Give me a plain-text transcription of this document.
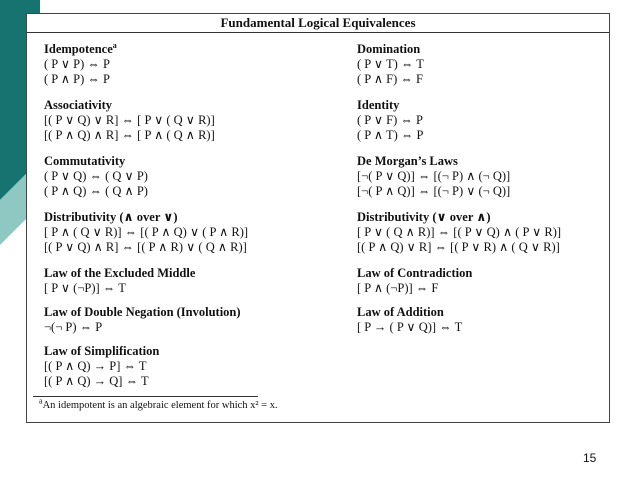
Fundamental Logical Equivalences
Idempotence$^a$
( P ∨ P) ⇔ P
( P ∧ P) ⇔ P
Associativity
[( P ∨ Q) ∨ R] ⇔ [ P ∨ ( Q ∨ R)]
[( P ∧ Q) ∧ R] ⇔ [ P ∧ ( Q ∧ R)]
Commutativity
( P ∨ Q) ⇔ ( Q ∨ P)
( P ∧ Q) ⇔ ( Q ∧ P)
Distributivity (∧ over ∨)
[ P ∧ ( Q ∨ R)] ⇔ [( P ∧ Q) ∨ ( P ∧ R)]
[( P ∨ Q) ∧ R] ⇔ [( P ∧ R) ∨ ( Q ∧ R)]
Law of the Excluded Middle
[ P ∨ (¬P)] ⇔ T
Law of Double Negation (Involution)
¬(¬ P) ⇔ P
Law of Simplification
[( P ∧ Q) → P] ⇔ T
[( P ∧ Q) → Q] ⇔ T
Domination
( P ∨ T) ⇔ T
( P ∧ F) ⇔ F
Identity
( P ∨ F) ⇔ P
( P ∧ T) ⇔ P
De Morgan’s Laws
[¬( P ∨ Q)] ⇔ [(¬ P) ∧ (¬ Q)]
[¬( P ∧ Q)] ⇔ [(¬ P) ∨ (¬ Q)]
Distributivity (∨ over ∧)
[ P ∨ ( Q ∧ R)] ⇔ [( P ∨ Q) ∧ ( P ∨ R)]
[( P ∧ Q) ∨ R] ⇔ [( P ∨ R) ∧ ( Q ∨ R)]
Law of Contradiction
[ P ∧ (¬P)] ⇔ F
Law of Addition
[ P → ( P ∨ Q)] ⇔ T
$^a$An idempotent is an algebraic element for which x² = x.
15
